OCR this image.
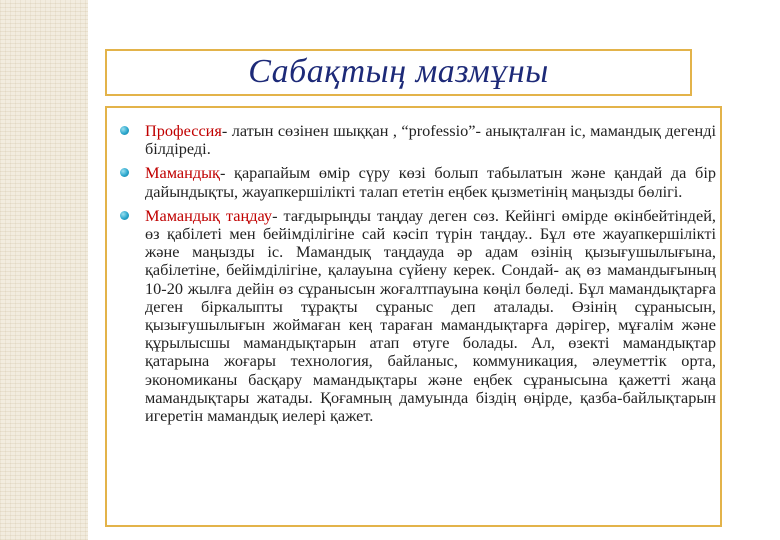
Сабақтың мазмұны
Профессия- латын сөзінен шыққан , “professio”- анықталған іс, мамандық дегенді білдіреді.
Мамандық- қарапайым өмір сүру көзі болып табылатын және қандай да бір дайындықты, жауапкершілікті талап ететін еңбек қызметінің маңызды бөлігі.
Мамандық таңдау- тағдырыңды таңдау деген сөз. Кейінгі өмірде өкінбейтіндей, өз қабілеті мен бейімділігіне сай кәсіп түрін таңдау.. Бұл өте жауапкершілікті және маңызды іс. Мамандық таңдауда әр адам өзінің қызығушылығына, қабілетіне, бейімділігіне, қалауына сүйену керек. Сондай- ақ өз мамандығының 10-20 жылға дейін өз сұранысын жоғалтпауына көңіл бөледі. Бұл мамандықтарға деген біркалыпты тұрақты сұраныс деп аталады. Өзінің сұранысын, қызығушылығын жоймаған кең тараған мамандықтарға дәрігер, мұғалім және құрылысшы мамандықтарын атап өтуге болады. Ал, өзекті мамандықтар қатарына жоғары технология, байланыс, коммуникация, әлеуметтік орта, экономиканы басқару мамандықтары және еңбек сұранысына қажетті жаңа мамандықтары жатады. Қоғамның дамуында біздің өңірде, қазба-байлықтарын игеретін мамандық иелері қажет.
